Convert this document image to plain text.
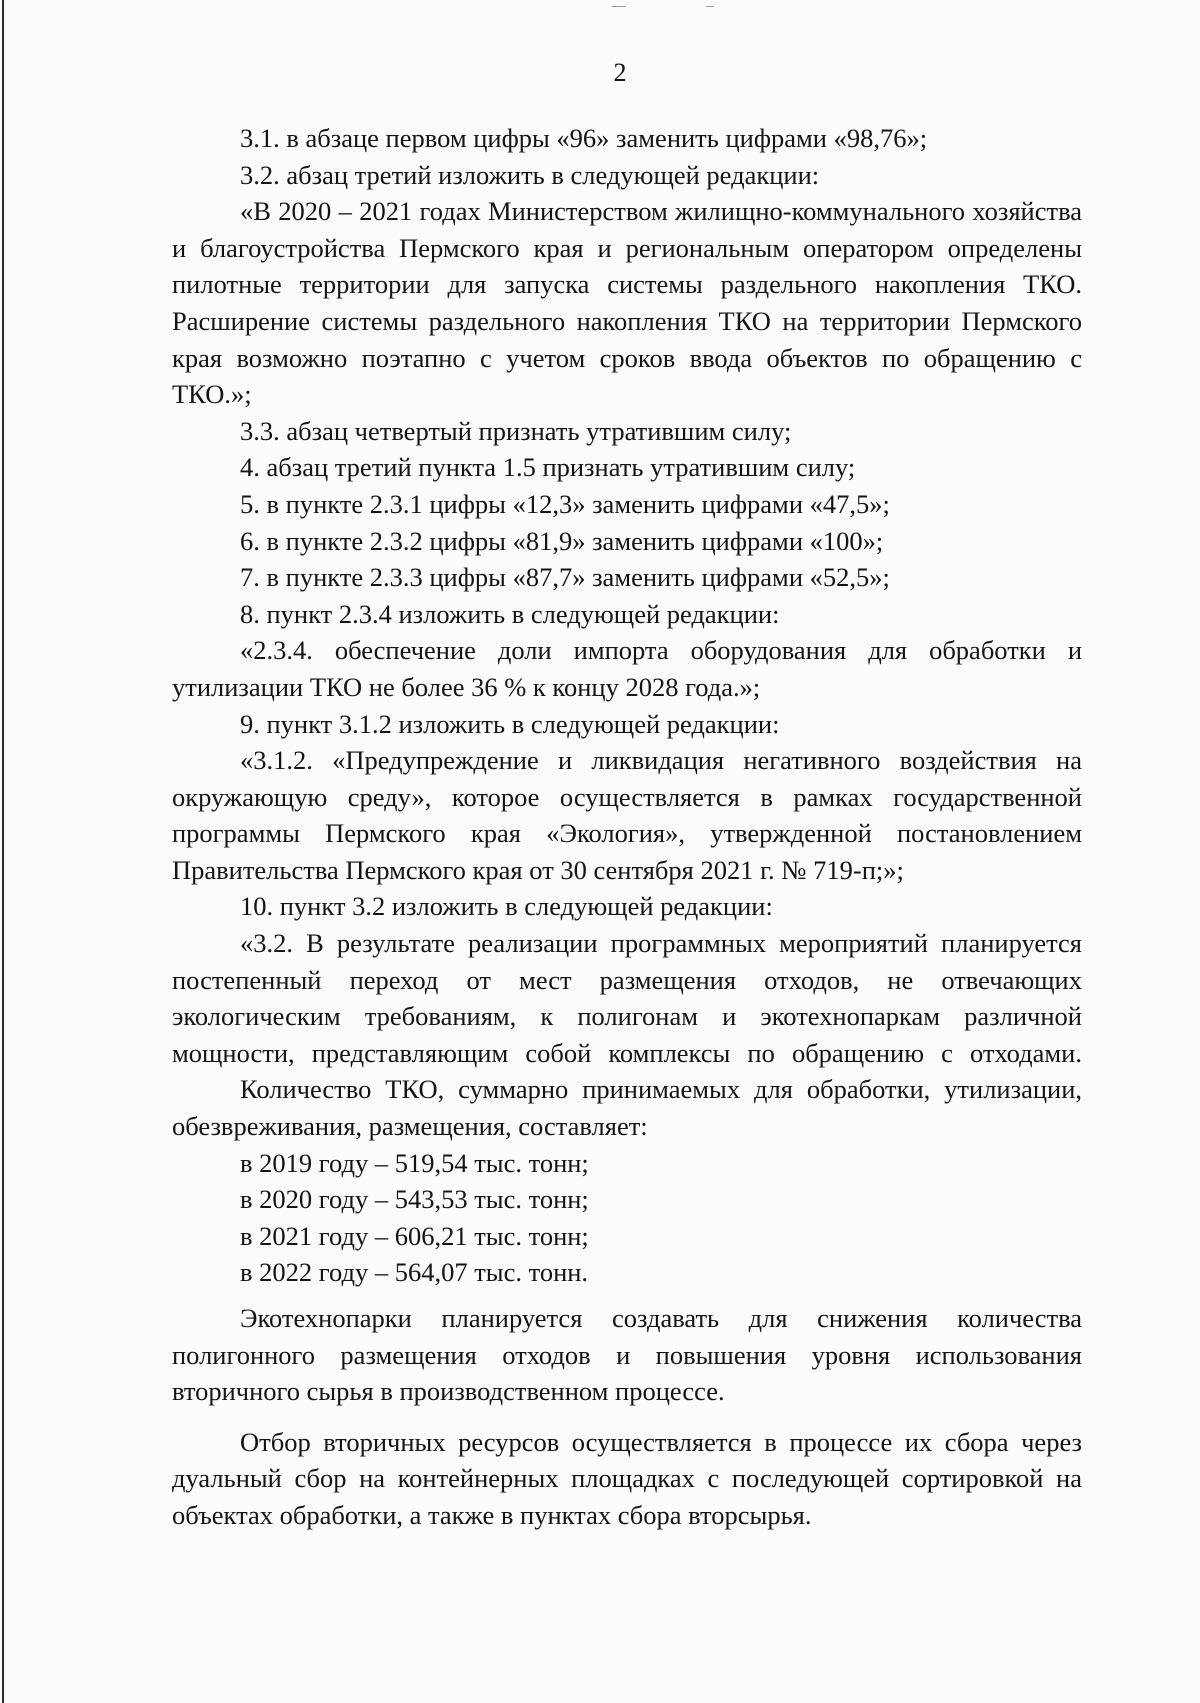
2

3.1. в абзаце первом цифры «96» заменить цифрами «98,76»;

3.2. абзац третий изложить в следующей редакции:

«В 2020 – 2021 годах Министерством жилищно-коммунального хозяйства и благоустройства Пермского края и региональным оператором определены пилотные территории для запуска системы раздельного накопления ТКО. Расширение системы раздельного накопления ТКО на территории Пермского края возможно поэтапно с учетом сроков ввода объектов по обращению с ТКО.»;

3.3. абзац четвертый признать утратившим силу;

4. абзац третий пункта 1.5 признать утратившим силу;

5. в пункте 2.3.1 цифры «12,3» заменить цифрами «47,5»;

6. в пункте 2.3.2 цифры «81,9» заменить цифрами «100»;

7. в пункте 2.3.3 цифры «87,7» заменить цифрами «52,5»;

8. пункт 2.3.4 изложить в следующей редакции:

«2.3.4. обеспечение доли импорта оборудования для обработки и утилизации ТКО не более 36 % к концу 2028 года.»;

9. пункт 3.1.2 изложить в следующей редакции:

«3.1.2. «Предупреждение и ликвидация негативного воздействия на окружающую среду», которое осуществляется в рамках государственной программы Пермского края «Экология», утвержденной постановлением Правительства Пермского края от 30 сентября 2021 г. № 719-п;»;

10. пункт 3.2 изложить в следующей редакции:

«3.2. В результате реализации программных мероприятий планируется постепенный переход от мест размещения отходов, не отвечающих экологическим требованиям, к полигонам и экотехнопаркам различной мощности, представляющим собой комплексы по обращению с отходами.

Количество ТКО, суммарно принимаемых для обработки, утилизации, обезвреживания, размещения, составляет:

в 2019 году – 519,54 тыс. тонн;

в 2020 году – 543,53 тыс. тонн;

в 2021 году – 606,21 тыс. тонн;

в 2022 году – 564,07 тыс. тонн.

Экотехнопарки планируется создавать для снижения количества полигонного размещения отходов и повышения уровня использования вторичного сырья в производственном процессе.

Отбор вторичных ресурсов осуществляется в процессе их сбора через дуальный сбор на контейнерных площадках с последующей сортировкой на объектах обработки, а также в пунктах сбора вторсырья.
